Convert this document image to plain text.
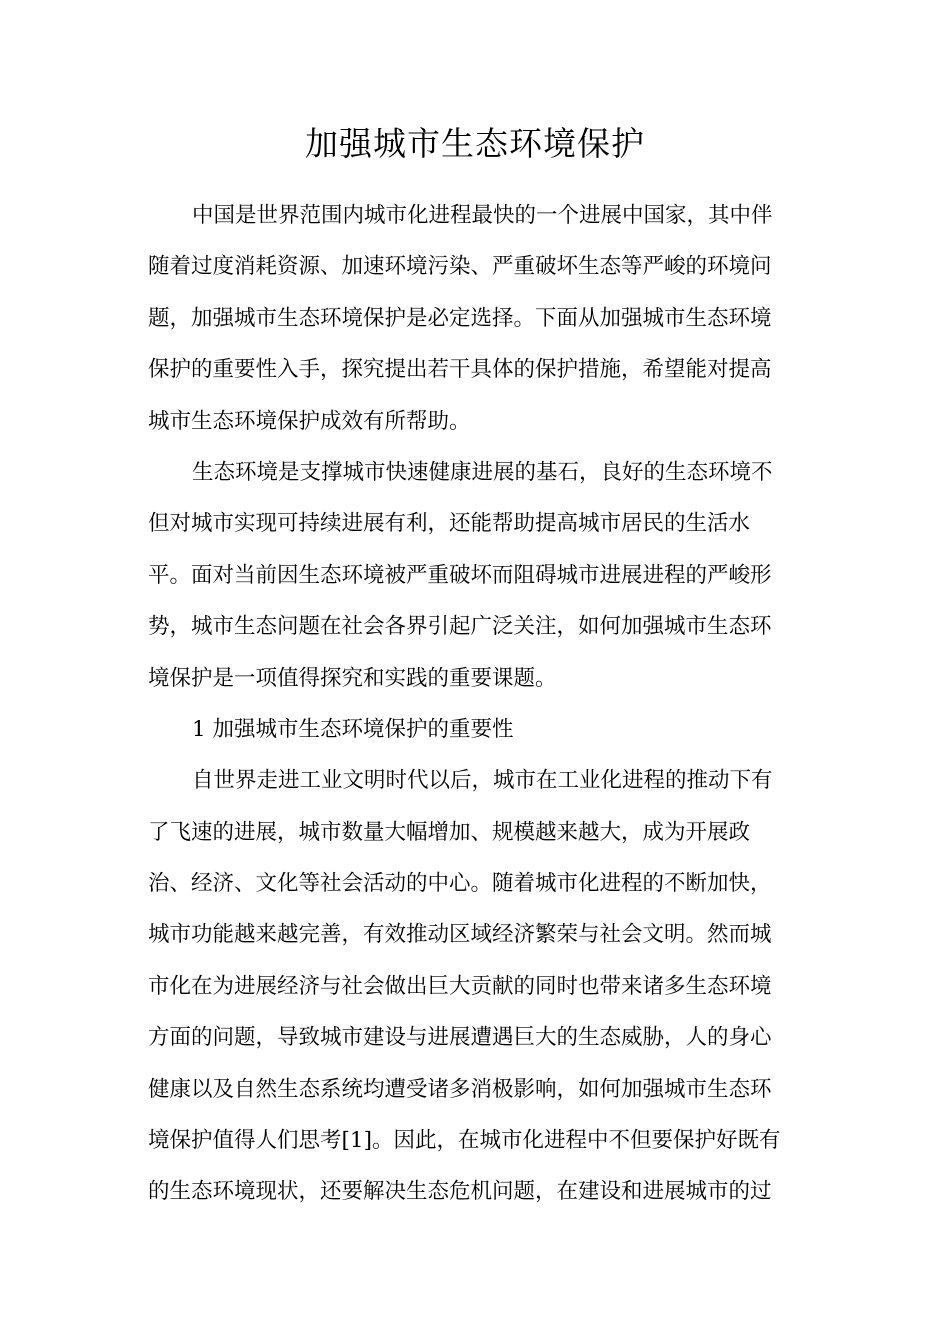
加强城市生态环境保护
中国是世界范围内城市化进程最快的一个进展中国家，其中伴
随着过度消耗资源、加速环境污染、严重破坏生态等严峻的环境问
题，加强城市生态环境保护是必定选择。下面从加强城市生态环境
保护的重要性入手，探究提出若干具体的保护措施，希望能对提高
城市生态环境保护成效有所帮助。
生态环境是支撑城市快速健康进展的基石，良好的生态环境不
但对城市实现可持续进展有利，还能帮助提高城市居民的生活水
平。面对当前因生态环境被严重破坏而阻碍城市进展进程的严峻形
势，城市生态问题在社会各界引起广泛关注，如何加强城市生态环
境保护是一项值得探究和实践的重要课题。
1 加强城市生态环境保护的重要性
自世界走进工业文明时代以后，城市在工业化进程的推动下有
了飞速的进展，城市数量大幅增加、规模越来越大，成为开展政
治、经济、文化等社会活动的中心。随着城市化进程的不断加快，
城市功能越来越完善，有效推动区域经济繁荣与社会文明。然而城
市化在为进展经济与社会做出巨大贡献的同时也带来诸多生态环境
方面的问题，导致城市建设与进展遭遇巨大的生态威胁，人的身心
健康以及自然生态系统均遭受诸多消极影响，如何加强城市生态环
境保护值得人们思考[1]。因此，在城市化进程中不但要保护好既有
的生态环境现状，还要解决生态危机问题，在建设和进展城市的过
